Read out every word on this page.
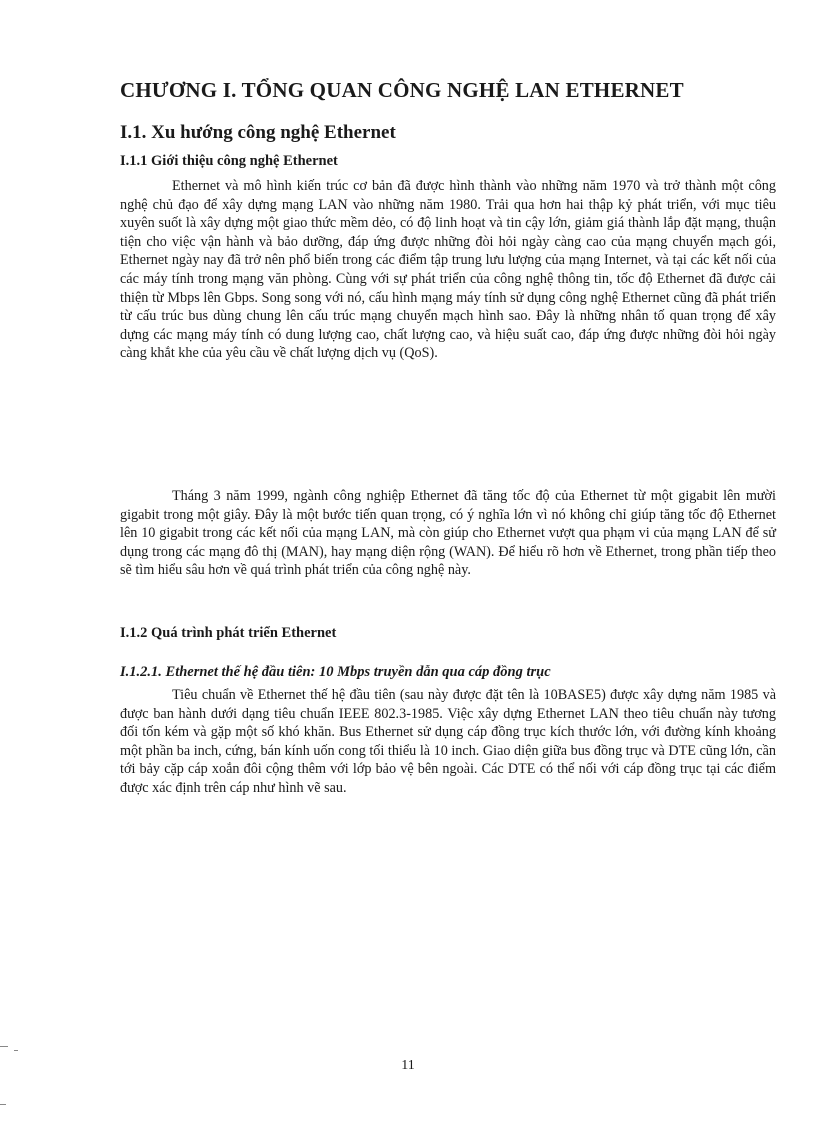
CHƯƠNG I. TỔNG QUAN CÔNG NGHỆ LAN ETHERNET
I.1. Xu hướng công nghệ Ethernet
I.1.1 Giới thiệu công nghệ Ethernet

Ethernet và mô hình kiến trúc cơ bản đã được hình thành vào những năm 1970 và trở thành một công nghệ chủ đạo để xây dựng mạng LAN vào những năm 1980. Trải qua hơn hai thập kỷ phát triển, với mục tiêu xuyên suốt là xây dựng một giao thức mềm dẻo, có độ linh hoạt và tin cậy lớn, giảm giá thành lắp đặt mạng, thuận tiện cho việc vận hành và bảo dưỡng, đáp ứng được những đòi hỏi ngày càng cao của mạng chuyển mạch gói, Ethernet ngày nay đã trở nên phổ biến trong các điểm tập trung lưu lượng của mạng Internet, và tại các kết nối của các máy tính trong mạng văn phòng. Cùng với sự phát triển của công nghệ thông tin, tốc độ Ethernet đã được cải thiện từ Mbps lên Gbps. Song song với nó, cấu hình mạng máy tính sử dụng công nghệ Ethernet cũng đã phát triển từ cấu trúc bus dùng chung lên cấu trúc mạng chuyển mạch hình sao. Đây là những nhân tố quan trọng để xây dựng các mạng máy tính có dung lượng cao, chất lượng cao, và hiệu suất cao, đáp ứng được những đòi hỏi ngày càng khắt khe của yêu cầu về chất lượng dịch vụ (QoS).

Tháng 3 năm 1999, ngành công nghiệp Ethernet đã tăng tốc độ của Ethernet từ một gigabit lên mười gigabit trong một giây. Đây là một bước tiến quan trọng, có ý nghĩa lớn vì nó không chỉ giúp tăng tốc độ Ethernet lên 10 gigabit trong các kết nối của mạng LAN, mà còn giúp cho Ethernet vượt qua phạm vi của mạng LAN để sử dụng trong các mạng đô thị (MAN), hay mạng diện rộng (WAN). Để hiểu rõ hơn về Ethernet, trong phần tiếp theo sẽ tìm hiểu sâu hơn về quá trình phát triển của công nghệ này.

I.1.2 Quá trình phát triển Ethernet
I.1.2.1. Ethernet thế hệ đầu tiên: 10 Mbps truyền dẫn qua cáp đồng trục

Tiêu chuẩn về Ethernet thế hệ đầu tiên (sau này được đặt tên là 10BASE5) được xây dựng năm 1985 và được ban hành dưới dạng tiêu chuẩn IEEE 802.3-1985. Việc xây dựng Ethernet LAN theo tiêu chuẩn này tương đối tốn kém và gặp một số khó khăn. Bus Ethernet sử dụng cáp đồng trục kích thước lớn, với đường kính khoảng một phần ba inch, cứng, bán kính uốn cong tối thiểu là 10 inch. Giao diện giữa bus đồng trục và DTE cũng lớn, cần tới bảy cặp cáp xoắn đôi cộng thêm với lớp bảo vệ bên ngoài. Các DTE có thể nối với cáp đồng trục tại các điểm được xác định trên cáp như hình vẽ sau.

11
